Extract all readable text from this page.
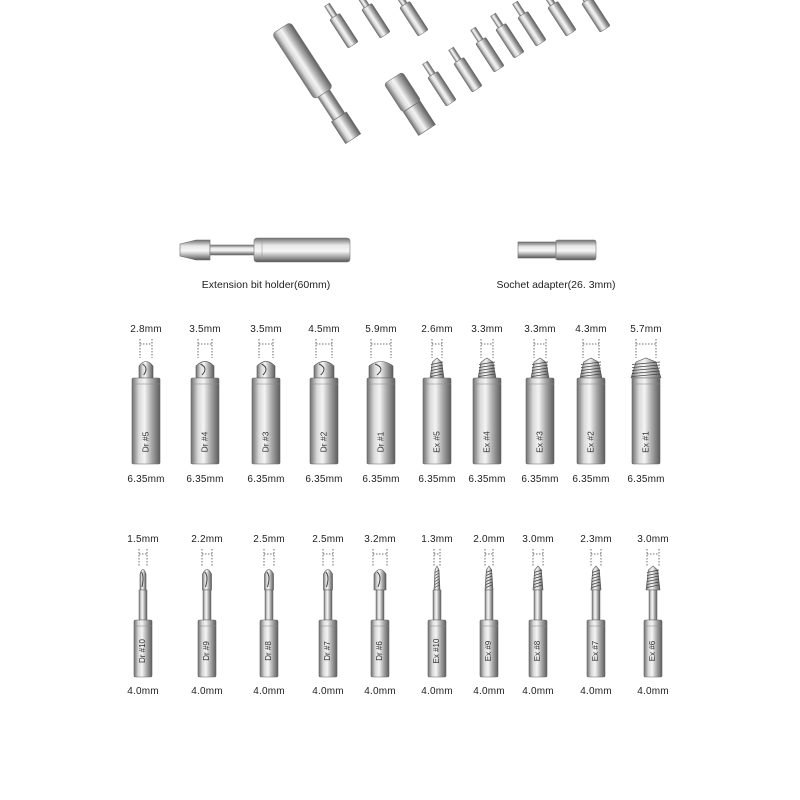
Dr #5	Dr #4	Dr #3	Dr #2	Dr #1	Ex #5	Ex #4	Ex #3	Ex #2	Ex #1
Dr #10	Dr #9	Dr #8	Dr #7	Dr #6	Ex #10	Ex #9	Ex #8	Ex #7	Ex #6
Extension bit holder(60mm)	Sochet adapter(26. 3mm)
2.8mm
6.35mm
3.5mm
6.35mm
3.5mm
6.35mm
4.5mm
6.35mm
5.9mm
6.35mm
2.6mm
6.35mm
3.3mm
6.35mm
3.3mm
6.35mm
4.3mm
6.35mm
5.7mm
6.35mm
1.5mm
4.0mm
2.2mm
4.0mm
2.5mm
4.0mm
2.5mm
4.0mm
3.2mm
4.0mm
1.3mm
4.0mm
2.0mm
4.0mm
3.0mm
4.0mm
2.3mm
4.0mm
3.0mm
4.0mm
